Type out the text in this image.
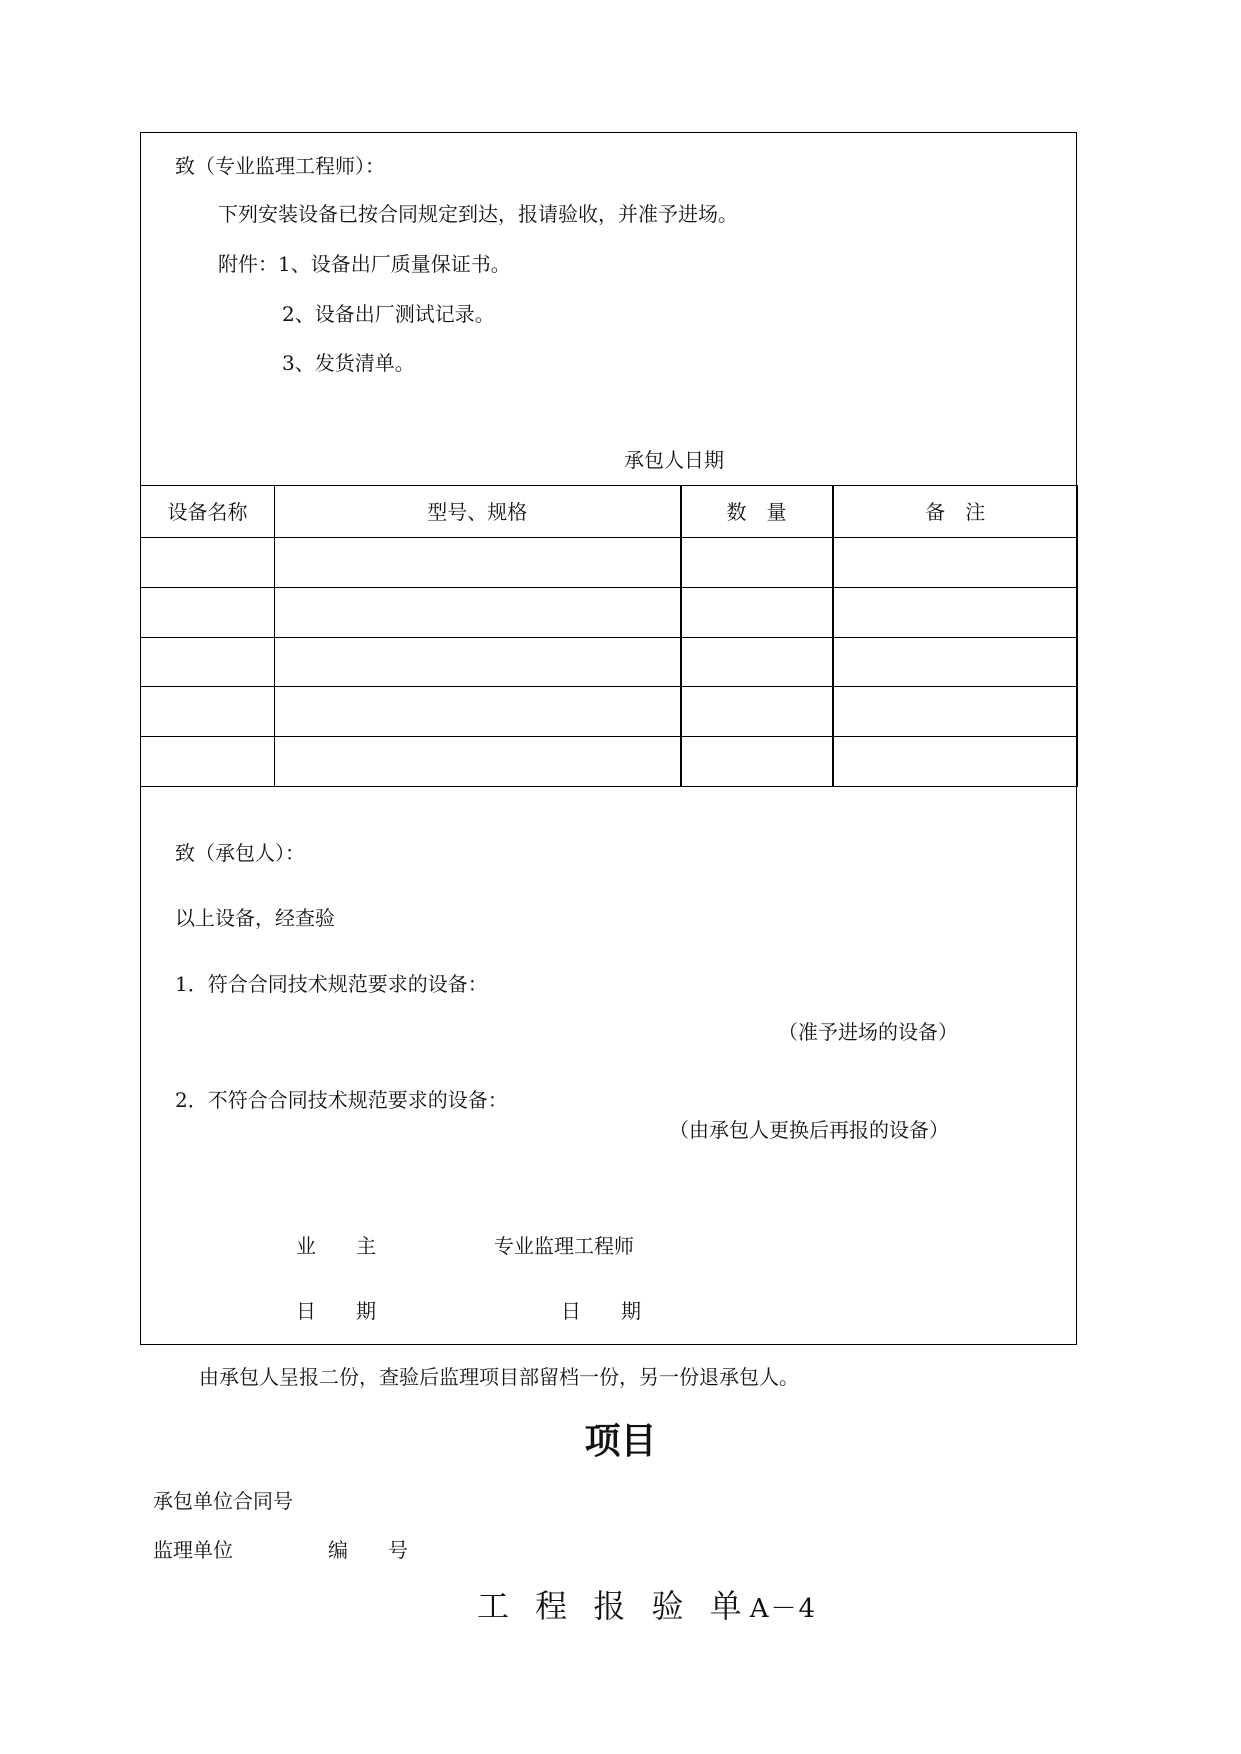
致（专业监理工程师）：
下列安装设备已按合同规定到达，报请验收，并准予进场。
附件：1、设备出厂质量保证书。
2、设备出厂测试记录。
3、发货清单。
承包人日期
设备名称	型号、规格	数　量	备　注

致（承包人）：
以上设备，经查验
1．符合合同技术规范要求的设备：
（准予进场的设备）
2．不符合合同技术规范要求的设备：
（由承包人更换后再报的设备）
业　主	专业监理工程师
日　期	日　期
由承包人呈报二份，查验后监理项目部留档一份，另一份退承包人。
项目
承包单位合同号
监理单位	编　号
工 程 报 验 单A－4
